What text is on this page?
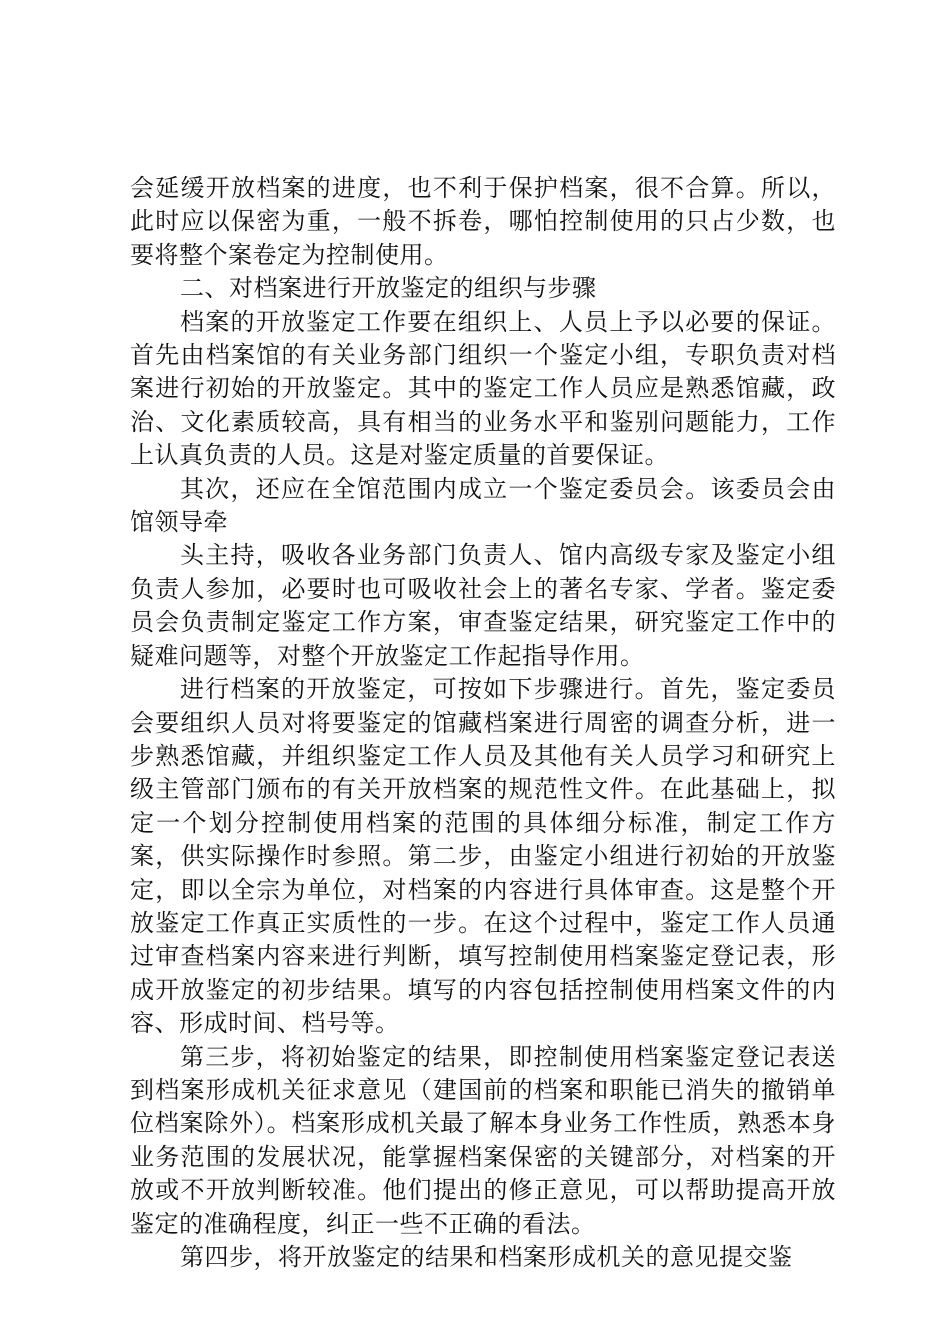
会延缓开放档案的进度，也不利于保护档案，很不合算。所以，此时应以保密为重，一般不拆卷，哪怕控制使用的只占少数，也要将整个案卷定为控制使用。

二、对档案进行开放鉴定的组织与步骤

档案的开放鉴定工作要在组织上、人员上予以必要的保证。首先由档案馆的有关业务部门组织一个鉴定小组，专职负责对档案进行初始的开放鉴定。其中的鉴定工作人员应是熟悉馆藏，政治、文化素质较高，具有相当的业务水平和鉴别问题能力，工作上认真负责的人员。这是对鉴定质量的首要保证。

其次，还应在全馆范围内成立一个鉴定委员会。该委员会由馆领导牵

头主持，吸收各业务部门负责人、馆内高级专家及鉴定小组负责人参加，必要时也可吸收社会上的著名专家、学者。鉴定委员会负责制定鉴定工作方案，审查鉴定结果，研究鉴定工作中的疑难问题等，对整个开放鉴定工作起指导作用。

进行档案的开放鉴定，可按如下步骤进行。首先，鉴定委员会要组织人员对将要鉴定的馆藏档案进行周密的调查分析，进一步熟悉馆藏，并组织鉴定工作人员及其他有关人员学习和研究上级主管部门颁布的有关开放档案的规范性文件。在此基础上，拟定一个划分控制使用档案的范围的具体细分标准，制定工作方案，供实际操作时参照。第二步，由鉴定小组进行初始的开放鉴定，即以全宗为单位，对档案的内容进行具体审查。这是整个开放鉴定工作真正实质性的一步。在这个过程中，鉴定工作人员通过审查档案内容来进行判断，填写控制使用档案鉴定登记表，形成开放鉴定的初步结果。填写的内容包括控制使用档案文件的内容、形成时间、档号等。

第三步，将初始鉴定的结果，即控制使用档案鉴定登记表送到档案形成机关征求意见（建国前的档案和职能已消失的撤销单位档案除外）。档案形成机关最了解本身业务工作性质，熟悉本身业务范围的发展状况，能掌握档案保密的关键部分，对档案的开放或不开放判断较准。他们提出的修正意见，可以帮助提高开放鉴定的准确程度，纠正一些不正确的看法。

第四步，将开放鉴定的结果和档案形成机关的意见提交鉴
